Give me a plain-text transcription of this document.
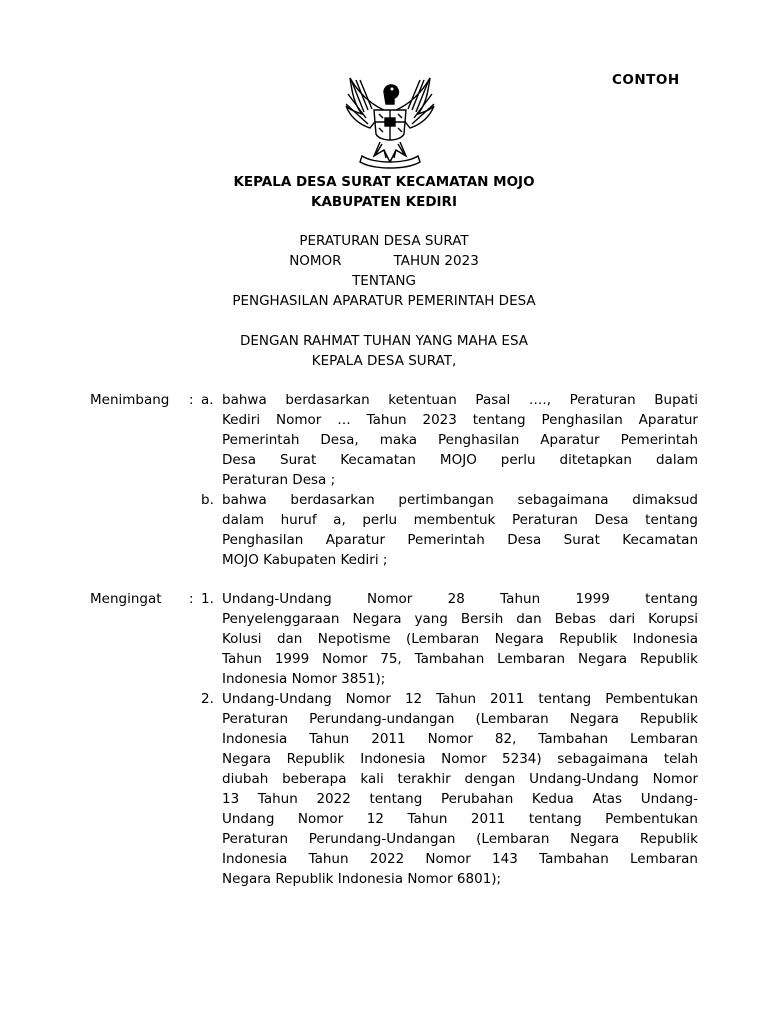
CONTOH
KEPALA DESA SURAT KECAMATAN MOJO
KABUPATEN KEDIRI
PERATURAN DESA SURAT
NOMOR	TAHUN 2023
TENTANG
PENGHASILAN APARATUR PEMERINTAH DESA
DENGAN RAHMAT TUHAN YANG MAHA ESA
KEPALA DESA SURAT,
Menimbang	: a. bahwa berdasarkan ketentuan Pasal …., Peraturan Bupati
Kediri Nomor … Tahun 2023 tentang Penghasilan Aparatur
Pemerintah Desa, maka Penghasilan Aparatur Pemerintah
Desa Surat Kecamatan MOJO perlu ditetapkan dalam
Peraturan Desa ;
b. bahwa berdasarkan pertimbangan sebagaimana dimaksud
dalam huruf a, perlu membentuk Peraturan Desa tentang
Penghasilan Aparatur Pemerintah Desa Surat Kecamatan
MOJO Kabupaten Kediri ;
Mengingat	: 1. Undang-Undang Nomor 28 Tahun 1999 tentang
Penyelenggaraan Negara yang Bersih dan Bebas dari Korupsi
Kolusi dan Nepotisme (Lembaran Negara Republik Indonesia
Tahun 1999 Nomor 75, Tambahan Lembaran Negara Republik
Indonesia Nomor 3851);
2. Undang-Undang Nomor 12 Tahun 2011 tentang Pembentukan
Peraturan Perundang-undangan (Lembaran Negara Republik
Indonesia Tahun 2011 Nomor 82, Tambahan Lembaran
Negara Republik Indonesia Nomor 5234) sebagaimana telah
diubah beberapa kali terakhir dengan Undang-Undang Nomor
13 Tahun 2022 tentang Perubahan Kedua Atas Undang-
Undang Nomor 12 Tahun 2011 tentang Pembentukan
Peraturan Perundang-Undangan (Lembaran Negara Republik
Indonesia Tahun 2022 Nomor 143 Tambahan Lembaran
Negara Republik Indonesia Nomor 6801);
